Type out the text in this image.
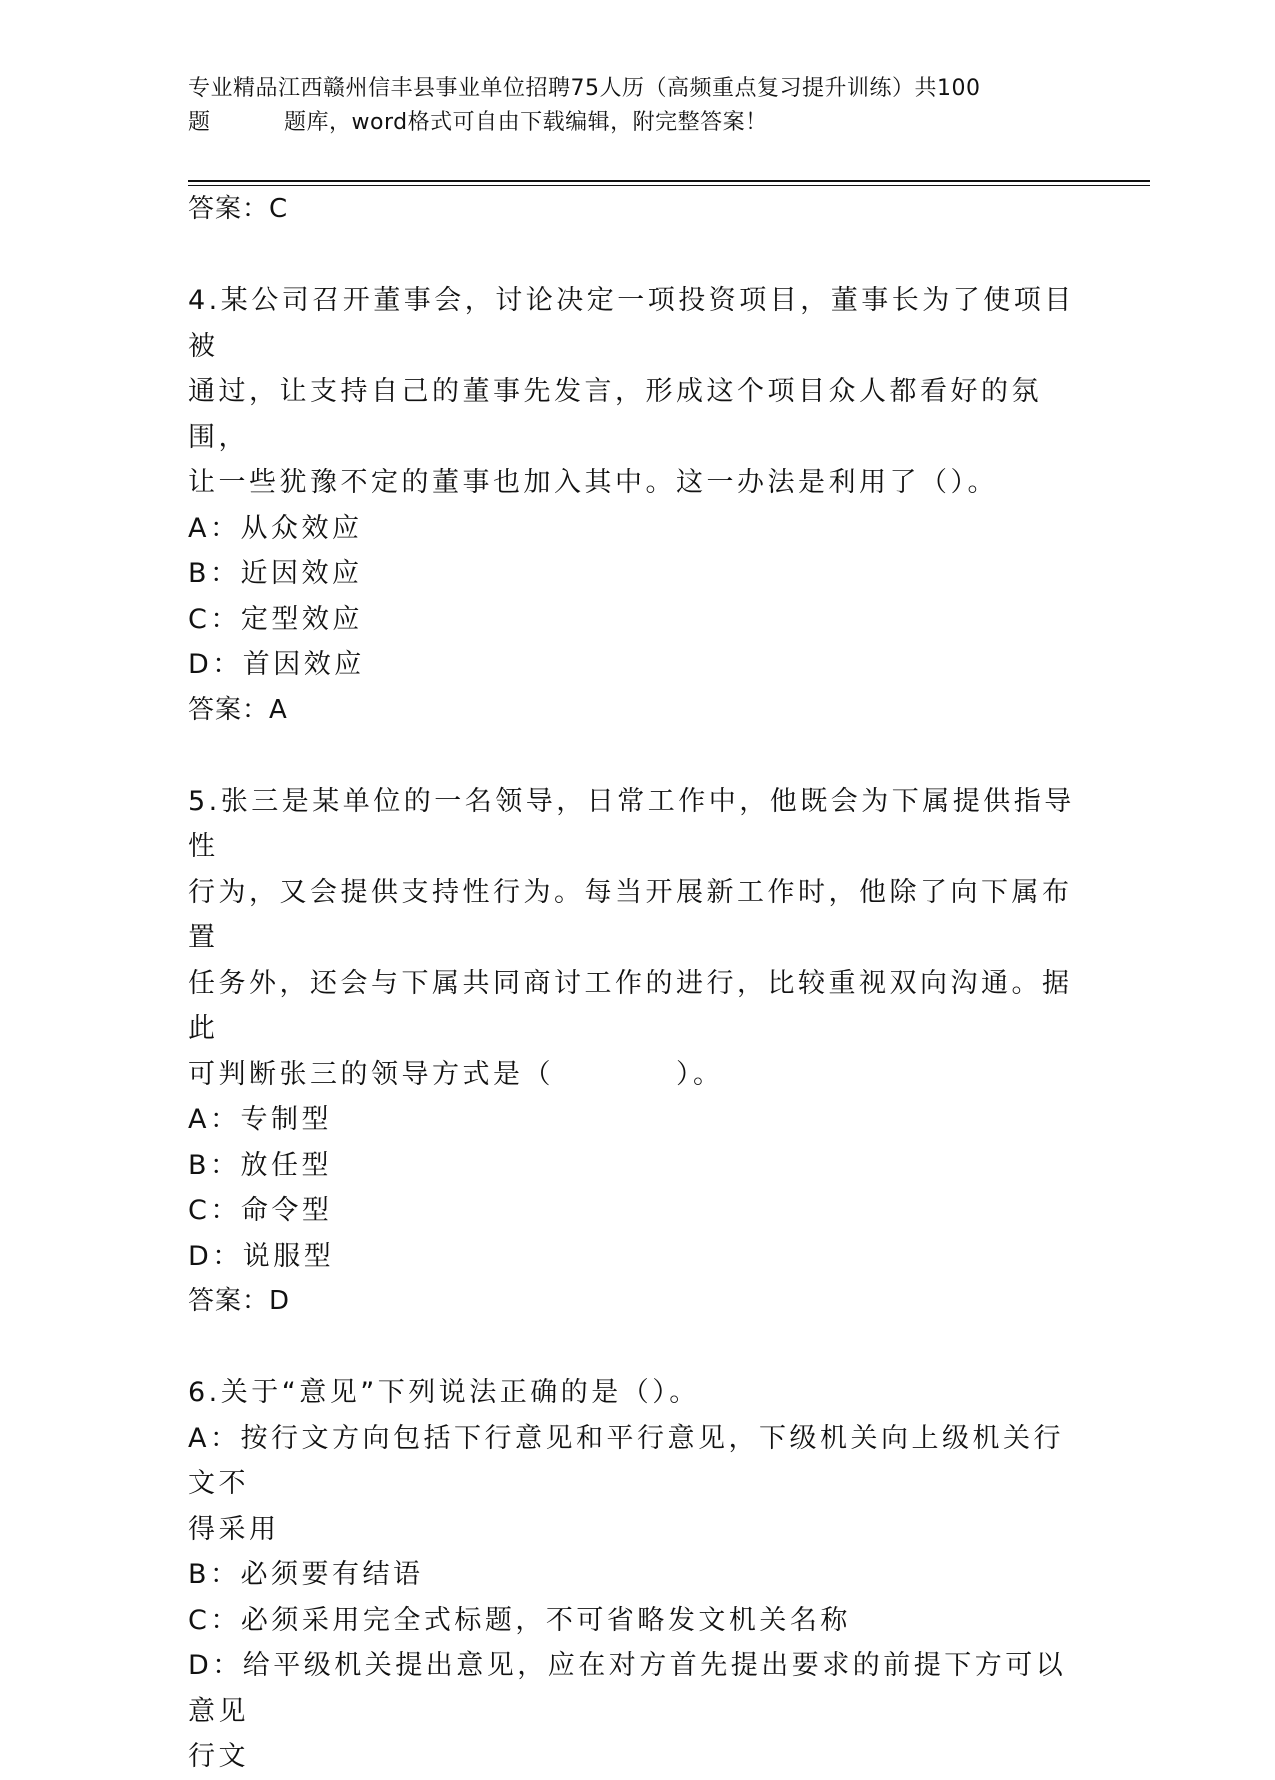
专业精品江西赣州信丰县事业单位招聘75人历（高频重点复习提升训练）共100
题	题库，word格式可自由下载编辑，附完整答案！
答案：C
4.某公司召开董事会，讨论决定一项投资项目，董事长为了使项目被
通过，让支持自己的董事先发言，形成这个项目众人都看好的氛围，
让一些犹豫不定的董事也加入其中。这一办法是利用了（）。
A：从众效应
B：近因效应
C：定型效应
D：首因效应
答案：A
5.张三是某单位的一名领导，日常工作中，他既会为下属提供指导性
行为，又会提供支持性行为。每当开展新工作时，他除了向下属布置
任务外，还会与下属共同商讨工作的进行，比较重视双向沟通。据此
可判断张三的领导方式是（　　　　）。
A：专制型
B：放任型
C：命令型
D：说服型
答案：D
6.关于“意见”下列说法正确的是（）。
A：按行文方向包括下行意见和平行意见，下级机关向上级机关行文不
得采用
B：必须要有结语
C：必须采用完全式标题，不可省略发文机关名称
D：给平级机关提出意见，应在对方首先提出要求的前提下方可以意见
行文
